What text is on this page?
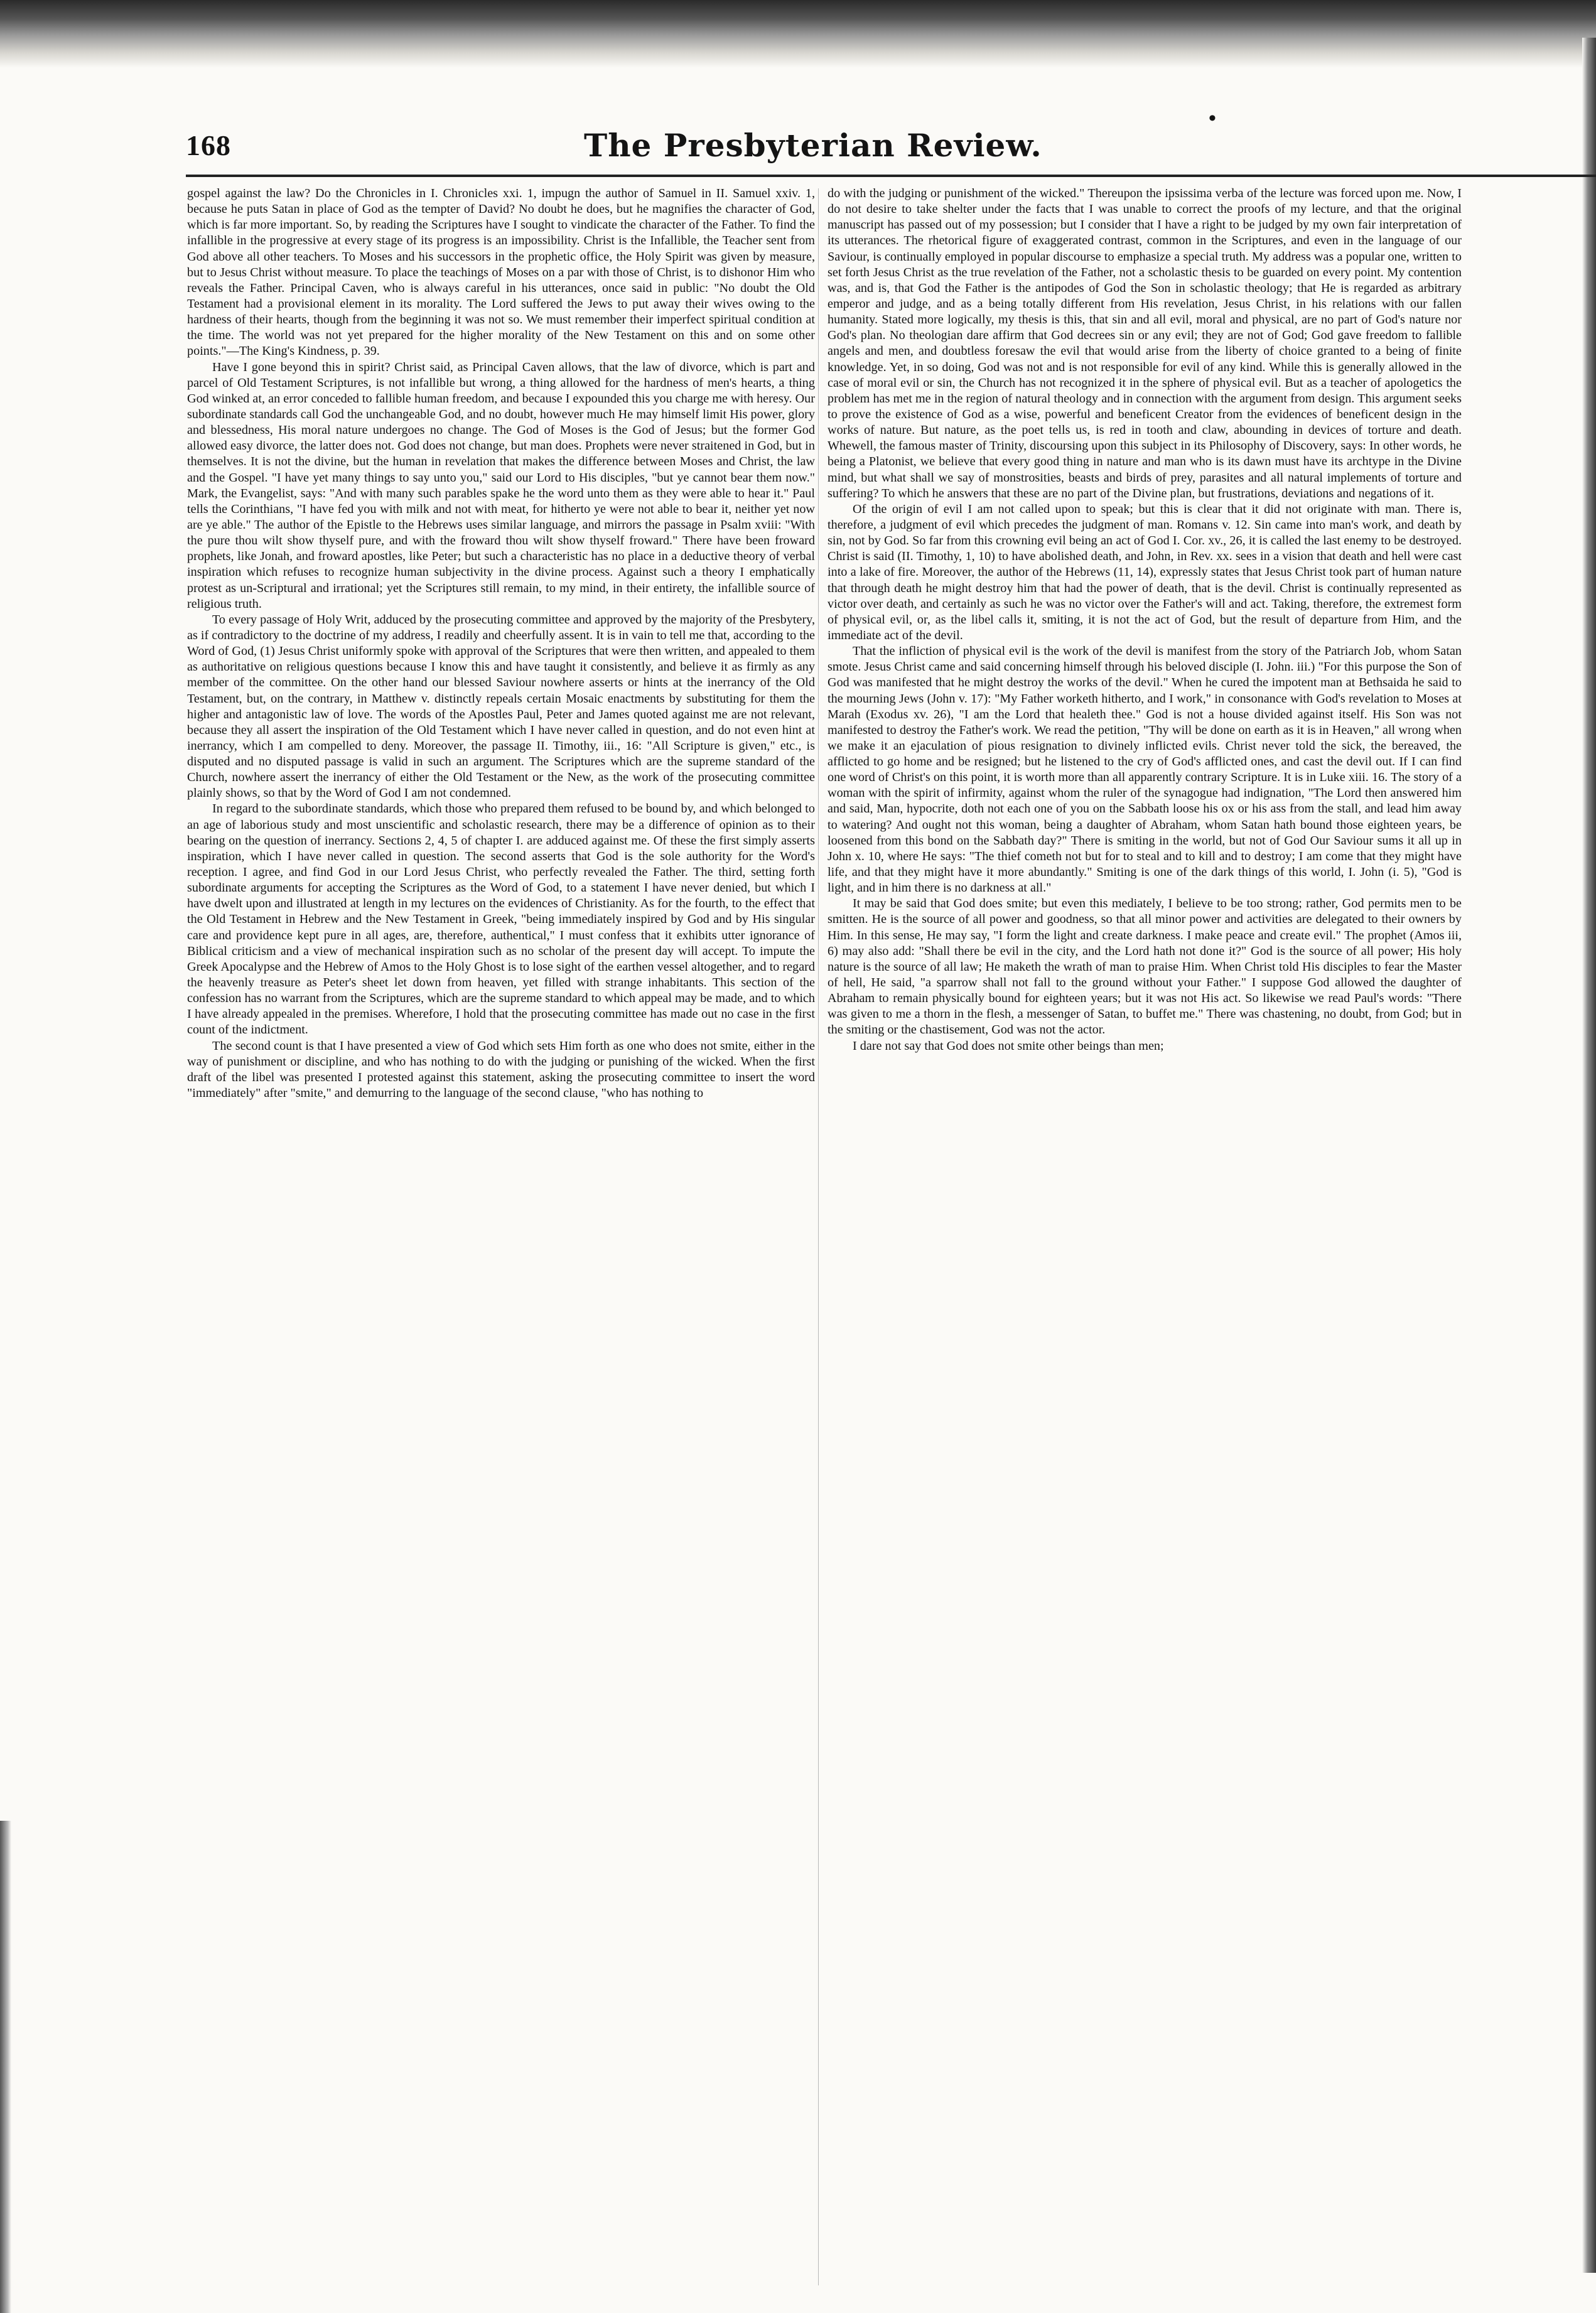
•
168	The Presbyterian Review.

gospel against the law? Do the Chronicles in I. Chronicles xxi. 1, impugn the author of Samuel in II. Samuel xxiv. 1, because he puts Satan in place of God as the tempter of David? No doubt he does, but he magnifies the character of God, which is far more important. So, by reading the Scriptures have I sought to vindicate the character of the Father. To find the infallible in the progressive at every stage of its progress is an impossibility. Christ is the Infallible, the Teacher sent from God above all other teachers. To Moses and his successors in the prophetic office, the Holy Spirit was given by measure, but to Jesus Christ without measure. To place the teachings of Moses on a par with those of Christ, is to dishonor Him who reveals the Father. Principal Caven, who is always careful in his utterances, once said in public: "No doubt the Old Testament had a provisional element in its morality. The Lord suffered the Jews to put away their wives owing to the hardness of their hearts, though from the beginning it was not so. We must remember their imperfect spiritual condition at the time. The world was not yet prepared for the higher morality of the New Testament on this and on some other points."—The King's Kindness, p. 39.

Have I gone beyond this in spirit? Christ said, as Principal Caven allows, that the law of divorce, which is part and parcel of Old Testament Scriptures, is not infallible but wrong, a thing allowed for the hardness of men's hearts, a thing God winked at, an error conceded to fallible human freedom, and because I expounded this you charge me with heresy. Our subordinate standards call God the unchangeable God, and no doubt, however much He may himself limit His power, glory and blessedness, His moral nature undergoes no change. The God of Moses is the God of Jesus; but the former God allowed easy divorce, the latter does not. God does not change, but man does. Prophets were never straitened in God, but in themselves. It is not the divine, but the human in revelation that makes the difference between Moses and Christ, the law and the Gospel. "I have yet many things to say unto you," said our Lord to His disciples, "but ye cannot bear them now." Mark, the Evangelist, says: "And with many such parables spake he the word unto them as they were able to hear it." Paul tells the Corinthians, "I have fed you with milk and not with meat, for hitherto ye were not able to bear it, neither yet now are ye able." The author of the Epistle to the Hebrews uses similar language, and mirrors the passage in Psalm xviii: "With the pure thou wilt show thyself pure, and with the froward thou wilt show thyself froward." There have been froward prophets, like Jonah, and froward apostles, like Peter; but such a characteristic has no place in a deductive theory of verbal inspiration which refuses to recognize human subjectivity in the divine process. Against such a theory I emphatically protest as un-Scriptural and irrational; yet the Scriptures still remain, to my mind, in their entirety, the infallible source of religious truth.

To every passage of Holy Writ, adduced by the prosecuting committee and approved by the majority of the Presbytery, as if contradictory to the doctrine of my address, I readily and cheerfully assent. It is in vain to tell me that, according to the Word of God, (1) Jesus Christ uniformly spoke with approval of the Scriptures that were then written, and appealed to them as authoritative on religious questions because I know this and have taught it consistently, and believe it as firmly as any member of the committee. On the other hand our blessed Saviour nowhere asserts or hints at the inerrancy of the Old Testament, but, on the contrary, in Matthew v. distinctly repeals certain Mosaic enactments by substituting for them the higher and antagonistic law of love. The words of the Apostles Paul, Peter and James quoted against me are not relevant, because they all assert the inspiration of the Old Testament which I have never called in question, and do not even hint at inerrancy, which I am compelled to deny. Moreover, the passage II. Timothy, iii., 16: "All Scripture is given," etc., is disputed and no disputed passage is valid in such an argument. The Scriptures which are the supreme standard of the Church, nowhere assert the inerrancy of either the Old Testament or the New, as the work of the prosecuting committee plainly shows, so that by the Word of God I am not condemned.

In regard to the subordinate standards, which those who prepared them refused to be bound by, and which belonged to an age of laborious study and most unscientific and scholastic research, there may be a difference of opinion as to their bearing on the question of inerrancy. Sections 2, 4, 5 of chapter I. are adduced against me. Of these the first simply asserts inspiration, which I have never called in question. The second asserts that God is the sole authority for the Word's reception. I agree, and find God in our Lord Jesus Christ, who perfectly revealed the Father. The third, setting forth subordinate arguments for accepting the Scriptures as the Word of God, to a statement I have never denied, but which I have dwelt upon and illustrated at length in my lectures on the evidences of Christianity. As for the fourth, to the effect that the Old Testament in Hebrew and the New Testament in Greek, "being immediately inspired by God and by His singular care and providence kept pure in all ages, are, therefore, authentical," I must confess that it exhibits utter ignorance of Biblical criticism and a view of mechanical inspiration such as no scholar of the present day will accept. To impute the Greek Apocalypse and the Hebrew of Amos to the Holy Ghost is to lose sight of the earthen vessel altogether, and to regard the heavenly treasure as Peter's sheet let down from heaven, yet filled with strange inhabitants. This section of the confession has no warrant from the Scriptures, which are the supreme standard to which appeal may be made, and to which I have already appealed in the premises. Wherefore, I hold that the prosecuting committee has made out no case in the first count of the indictment.

The second count is that I have presented a view of God which sets Him forth as one who does not smite, either in the way of punishment or discipline, and who has nothing to do with the judging or punishing of the wicked. When the first draft of the libel was presented I protested against this statement, asking the prosecuting committee to insert the word "immediately" after "smite," and demurring to the language of the second clause, "who has nothing to

do with the judging or punishment of the wicked." Thereupon the ipsissima verba of the lecture was forced upon me. Now, I do not desire to take shelter under the facts that I was unable to correct the proofs of my lecture, and that the original manuscript has passed out of my possession; but I consider that I have a right to be judged by my own fair interpretation of its utterances. The rhetorical figure of exaggerated contrast, common in the Scriptures, and even in the language of our Saviour, is continually employed in popular discourse to emphasize a special truth. My address was a popular one, written to set forth Jesus Christ as the true revelation of the Father, not a scholastic thesis to be guarded on every point. My contention was, and is, that God the Father is the antipodes of God the Son in scholastic theology; that He is regarded as arbitrary emperor and judge, and as a being totally different from His revelation, Jesus Christ, in his relations with our fallen humanity. Stated more logically, my thesis is this, that sin and all evil, moral and physical, are no part of God's nature nor God's plan. No theologian dare affirm that God decrees sin or any evil; they are not of God; God gave freedom to fallible angels and men, and doubtless foresaw the evil that would arise from the liberty of choice granted to a being of finite knowledge. Yet, in so doing, God was not and is not responsible for evil of any kind. While this is generally allowed in the case of moral evil or sin, the Church has not recognized it in the sphere of physical evil. But as a teacher of apologetics the problem has met me in the region of natural theology and in connection with the argument from design. This argument seeks to prove the existence of God as a wise, powerful and beneficent Creator from the evidences of beneficent design in the works of nature. But nature, as the poet tells us, is red in tooth and claw, abounding in devices of torture and death. Whewell, the famous master of Trinity, discoursing upon this subject in its Philosophy of Discovery, says: In other words, he being a Platonist, we believe that every good thing in nature and man who is its dawn must have its archtype in the Divine mind, but what shall we say of monstrosities, beasts and birds of prey, parasites and all natural implements of torture and suffering? To which he answers that these are no part of the Divine plan, but frustrations, deviations and negations of it.

Of the origin of evil I am not called upon to speak; but this is clear that it did not originate with man. There is, therefore, a judgment of evil which precedes the judgment of man. Romans v. 12. Sin came into man's work, and death by sin, not by God. So far from this crowning evil being an act of God I. Cor. xv., 26, it is called the last enemy to be destroyed. Christ is said (II. Timothy, 1, 10) to have abolished death, and John, in Rev. xx. sees in a vision that death and hell were cast into a lake of fire. Moreover, the author of the Hebrews (11, 14), expressly states that Jesus Christ took part of human nature that through death he might destroy him that had the power of death, that is the devil. Christ is continually represented as victor over death, and certainly as such he was no victor over the Father's will and act. Taking, therefore, the extremest form of physical evil, or, as the libel calls it, smiting, it is not the act of God, but the result of departure from Him, and the immediate act of the devil.

That the infliction of physical evil is the work of the devil is manifest from the story of the Patriarch Job, whom Satan smote. Jesus Christ came and said concerning himself through his beloved disciple (I. John. iii.) "For this purpose the Son of God was manifested that he might destroy the works of the devil." When he cured the impotent man at Bethsaida he said to the mourning Jews (John v. 17): "My Father worketh hitherto, and I work," in consonance with God's revelation to Moses at Marah (Exodus xv. 26), "I am the Lord that healeth thee." God is not a house divided against itself. His Son was not manifested to destroy the Father's work. We read the petition, "Thy will be done on earth as it is in Heaven," all wrong when we make it an ejaculation of pious resignation to divinely inflicted evils. Christ never told the sick, the bereaved, the afflicted to go home and be resigned; but he listened to the cry of God's afflicted ones, and cast the devil out. If I can find one word of Christ's on this point, it is worth more than all apparently contrary Scripture. It is in Luke xiii. 16. The story of a woman with the spirit of infirmity, against whom the ruler of the synagogue had indignation, "The Lord then answered him and said, Man, hypocrite, doth not each one of you on the Sabbath loose his ox or his ass from the stall, and lead him away to watering? And ought not this woman, being a daughter of Abraham, whom Satan hath bound those eighteen years, be loosened from this bond on the Sabbath day?" There is smiting in the world, but not of God Our Saviour sums it all up in John x. 10, where He says: "The thief cometh not but for to steal and to kill and to destroy; I am come that they might have life, and that they might have it more abundantly." Smiting is one of the dark things of this world, I. John (i. 5), "God is light, and in him there is no darkness at all."

It may be said that God does smite; but even this mediately, I believe to be too strong; rather, God permits men to be smitten. He is the source of all power and goodness, so that all minor power and activities are delegated to their owners by Him. In this sense, He may say, "I form the light and create darkness. I make peace and create evil." The prophet (Amos iii, 6) may also add: "Shall there be evil in the city, and the Lord hath not done it?" God is the source of all power; His holy nature is the source of all law; He maketh the wrath of man to praise Him. When Christ told His disciples to fear the Master of hell, He said, "a sparrow shall not fall to the ground without your Father." I suppose God allowed the daughter of Abraham to remain physically bound for eighteen years; but it was not His act. So likewise we read Paul's words: "There was given to me a thorn in the flesh, a messenger of Satan, to buffet me." There was chastening, no doubt, from God; but in the smiting or the chastisement, God was not the actor.

I dare not say that God does not smite other beings than men;
